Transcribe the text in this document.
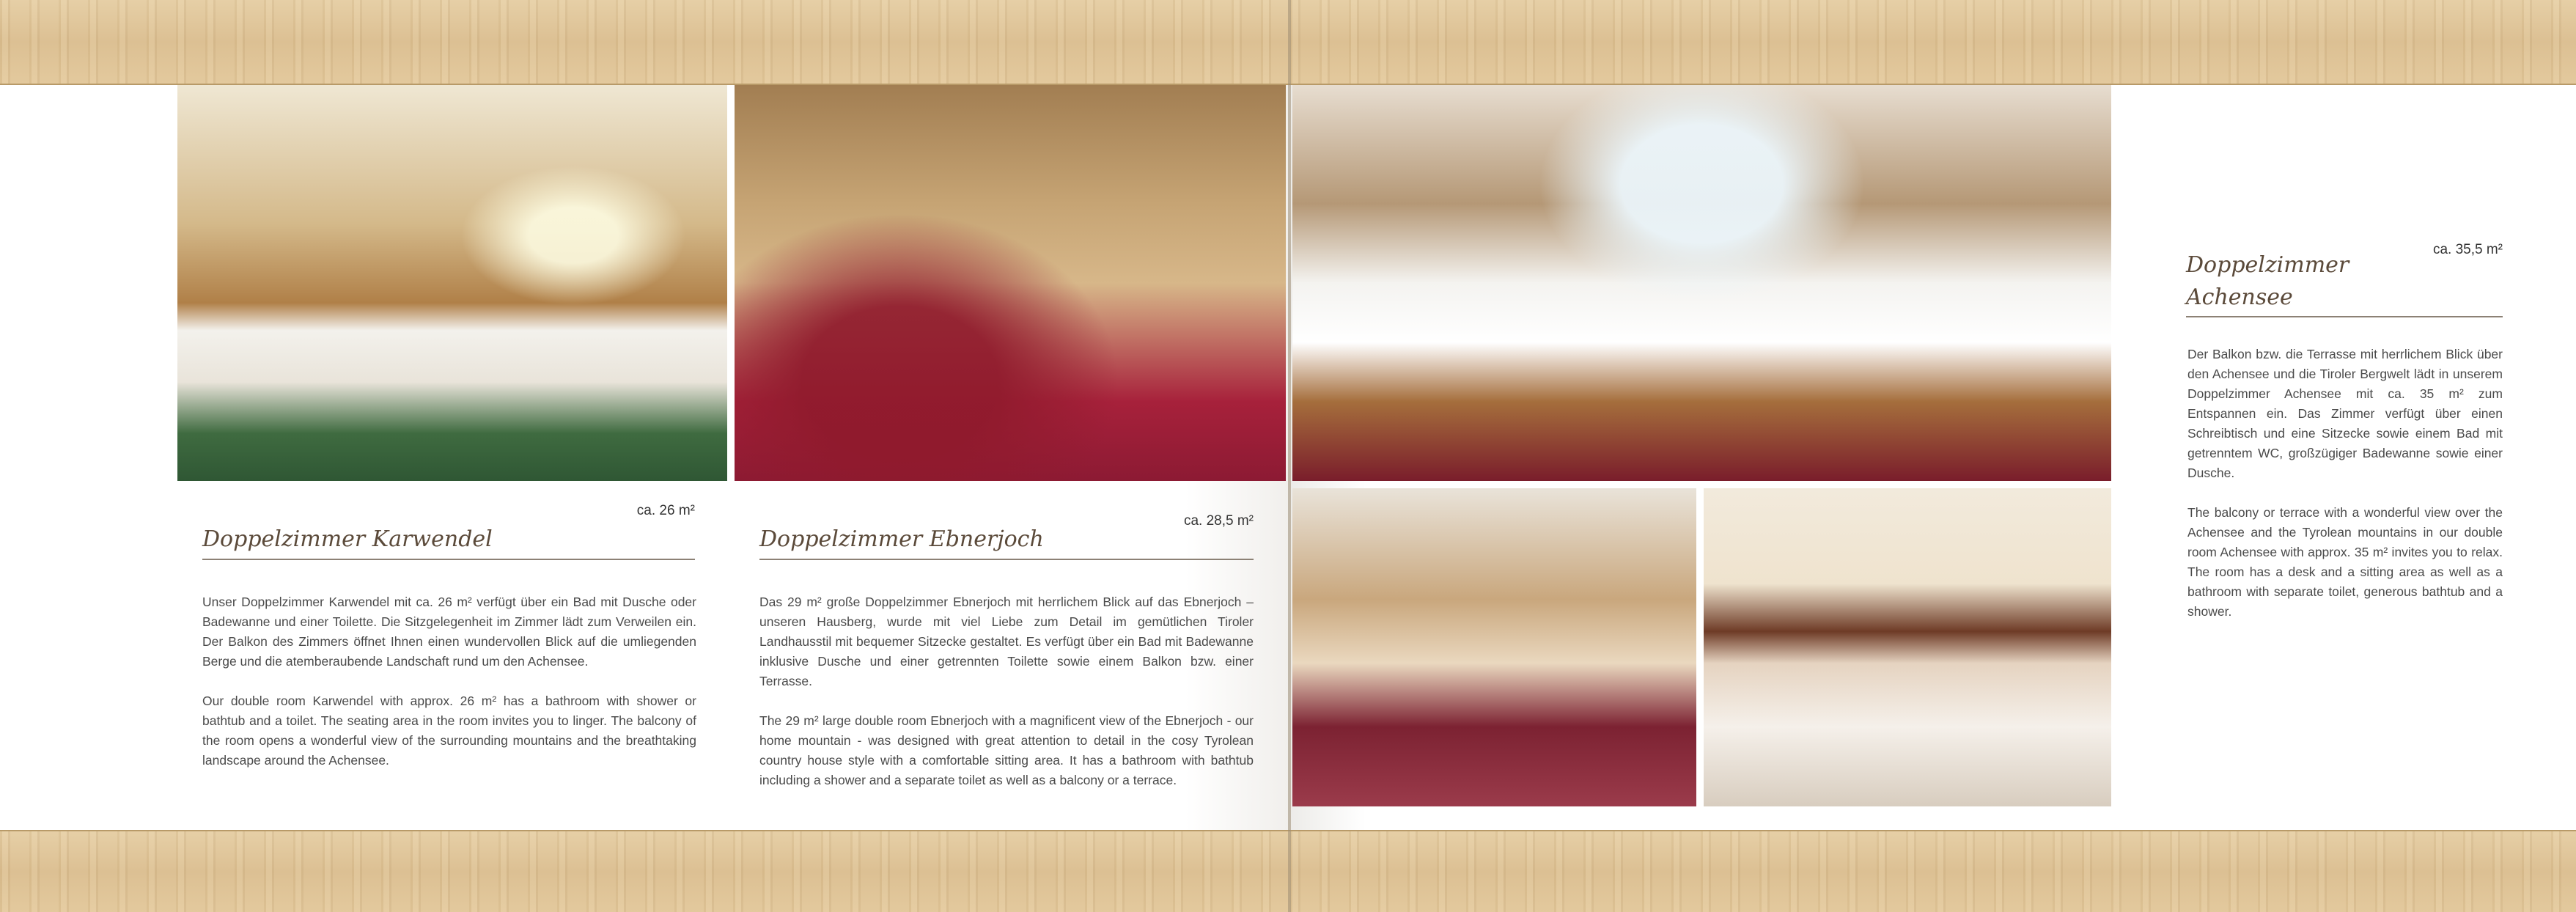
ca. 26 m²
Doppelzimmer Karwendel

Unser Doppelzimmer Karwendel mit ca. 26 m² verfügt über ein Bad mit Dusche oder Badewanne und einer Toilette. Die Sitzgelegenheit im Zimmer lädt zum Verweilen ein. Der Balkon des Zimmers öffnet Ihnen einen wundervollen Blick auf die umliegenden Berge und die atemberaubende Landschaft rund um den Achensee.

Our double room Karwendel with approx. 26 m² has a bathroom with shower or bathtub and a toilet. The seating area in the room invites you to linger. The balcony of the room opens a wonderful view of the surrounding mountains and the breathtaking landscape around the Achensee.

ca. 28,5 m²
Doppelzimmer Ebnerjoch

Das 29 m² große Doppelzimmer Ebnerjoch mit herrlichem Blick auf das Ebnerjoch – unseren Hausberg, wurde mit viel Liebe zum Detail im gemütlichen Tiroler Landhausstil mit bequemer Sitzecke gestaltet. Es verfügt über ein Bad mit Badewanne inklusive Dusche und einer getrennten Toilette sowie einem Balkon bzw. einer Terrasse.

The 29 m² large double room Ebnerjoch with a magnificent view of the Ebnerjoch - our home mountain - was designed with great attention to detail in the cosy Tyrolean country house style with a comfortable sitting area. It has a bathroom with bathtub including a shower and a separate toilet as well as a balcony or a terrace.

ca. 35,5 m²
Doppelzimmer
Achensee

Der Balkon bzw. die Terrasse mit herrlichem Blick über den Achensee und die Tiroler Bergwelt lädt in unserem Doppelzimmer Achensee mit ca. 35 m² zum Entspannen ein. Das Zimmer verfügt über einen Schreibtisch und eine Sitzecke sowie einem Bad mit getrenntem WC, großzügiger Badewanne sowie einer Dusche.

The balcony or terrace with a wonderful view over the Achensee and the Tyrolean mountains in our double room Achensee with approx. 35 m² invites you to relax. The room has a desk and a sitting area as well as a bathroom with separate toilet, generous bathtub and a shower.
